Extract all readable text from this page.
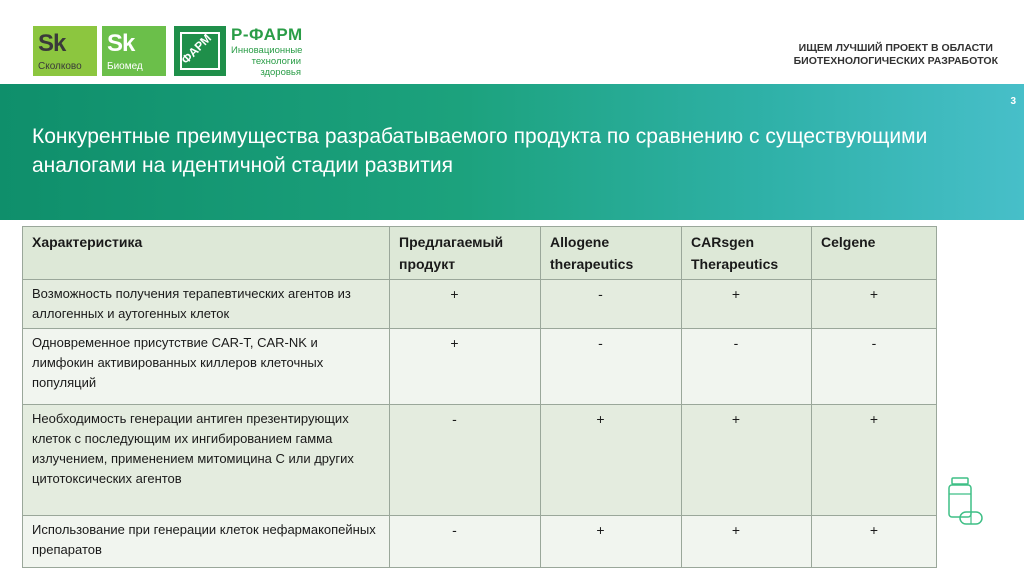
Sk
Сколково
Sk
Биомед	ФАРМ Р-ФАРМ
Инновационные
технологии
здоровья
ИЩЕМ ЛУЧШИЙ ПРОЕКТ В ОБЛАСТИ
БИОТЕХНОЛОГИЧЕСКИХ РАЗРАБОТОК
3
Конкурентные преимущества разрабатываемого продукта по сравнению с существующими аналогами на идентичной стадии развития
Характеристика	Предлагаемый продукт	Allogene therapeutics	CARsgen Therapeutics	Celgene
Возможность получения терапевтических агентов из аллогенных и аутогенных клеток	+	-	+	+
Одновременное присутствие CAR-T, CAR-NK и лимфокин активированных киллеров клеточных популяций	+	-	-	-
Необходимость генерации антиген презентирующих клеток с последующим их ингибированием гамма излучением, применением митомицина С или других цитотоксических агентов	-	+	+	+
Использование при генерации клеток нефармакопейных препаратов	-	+	+	+
